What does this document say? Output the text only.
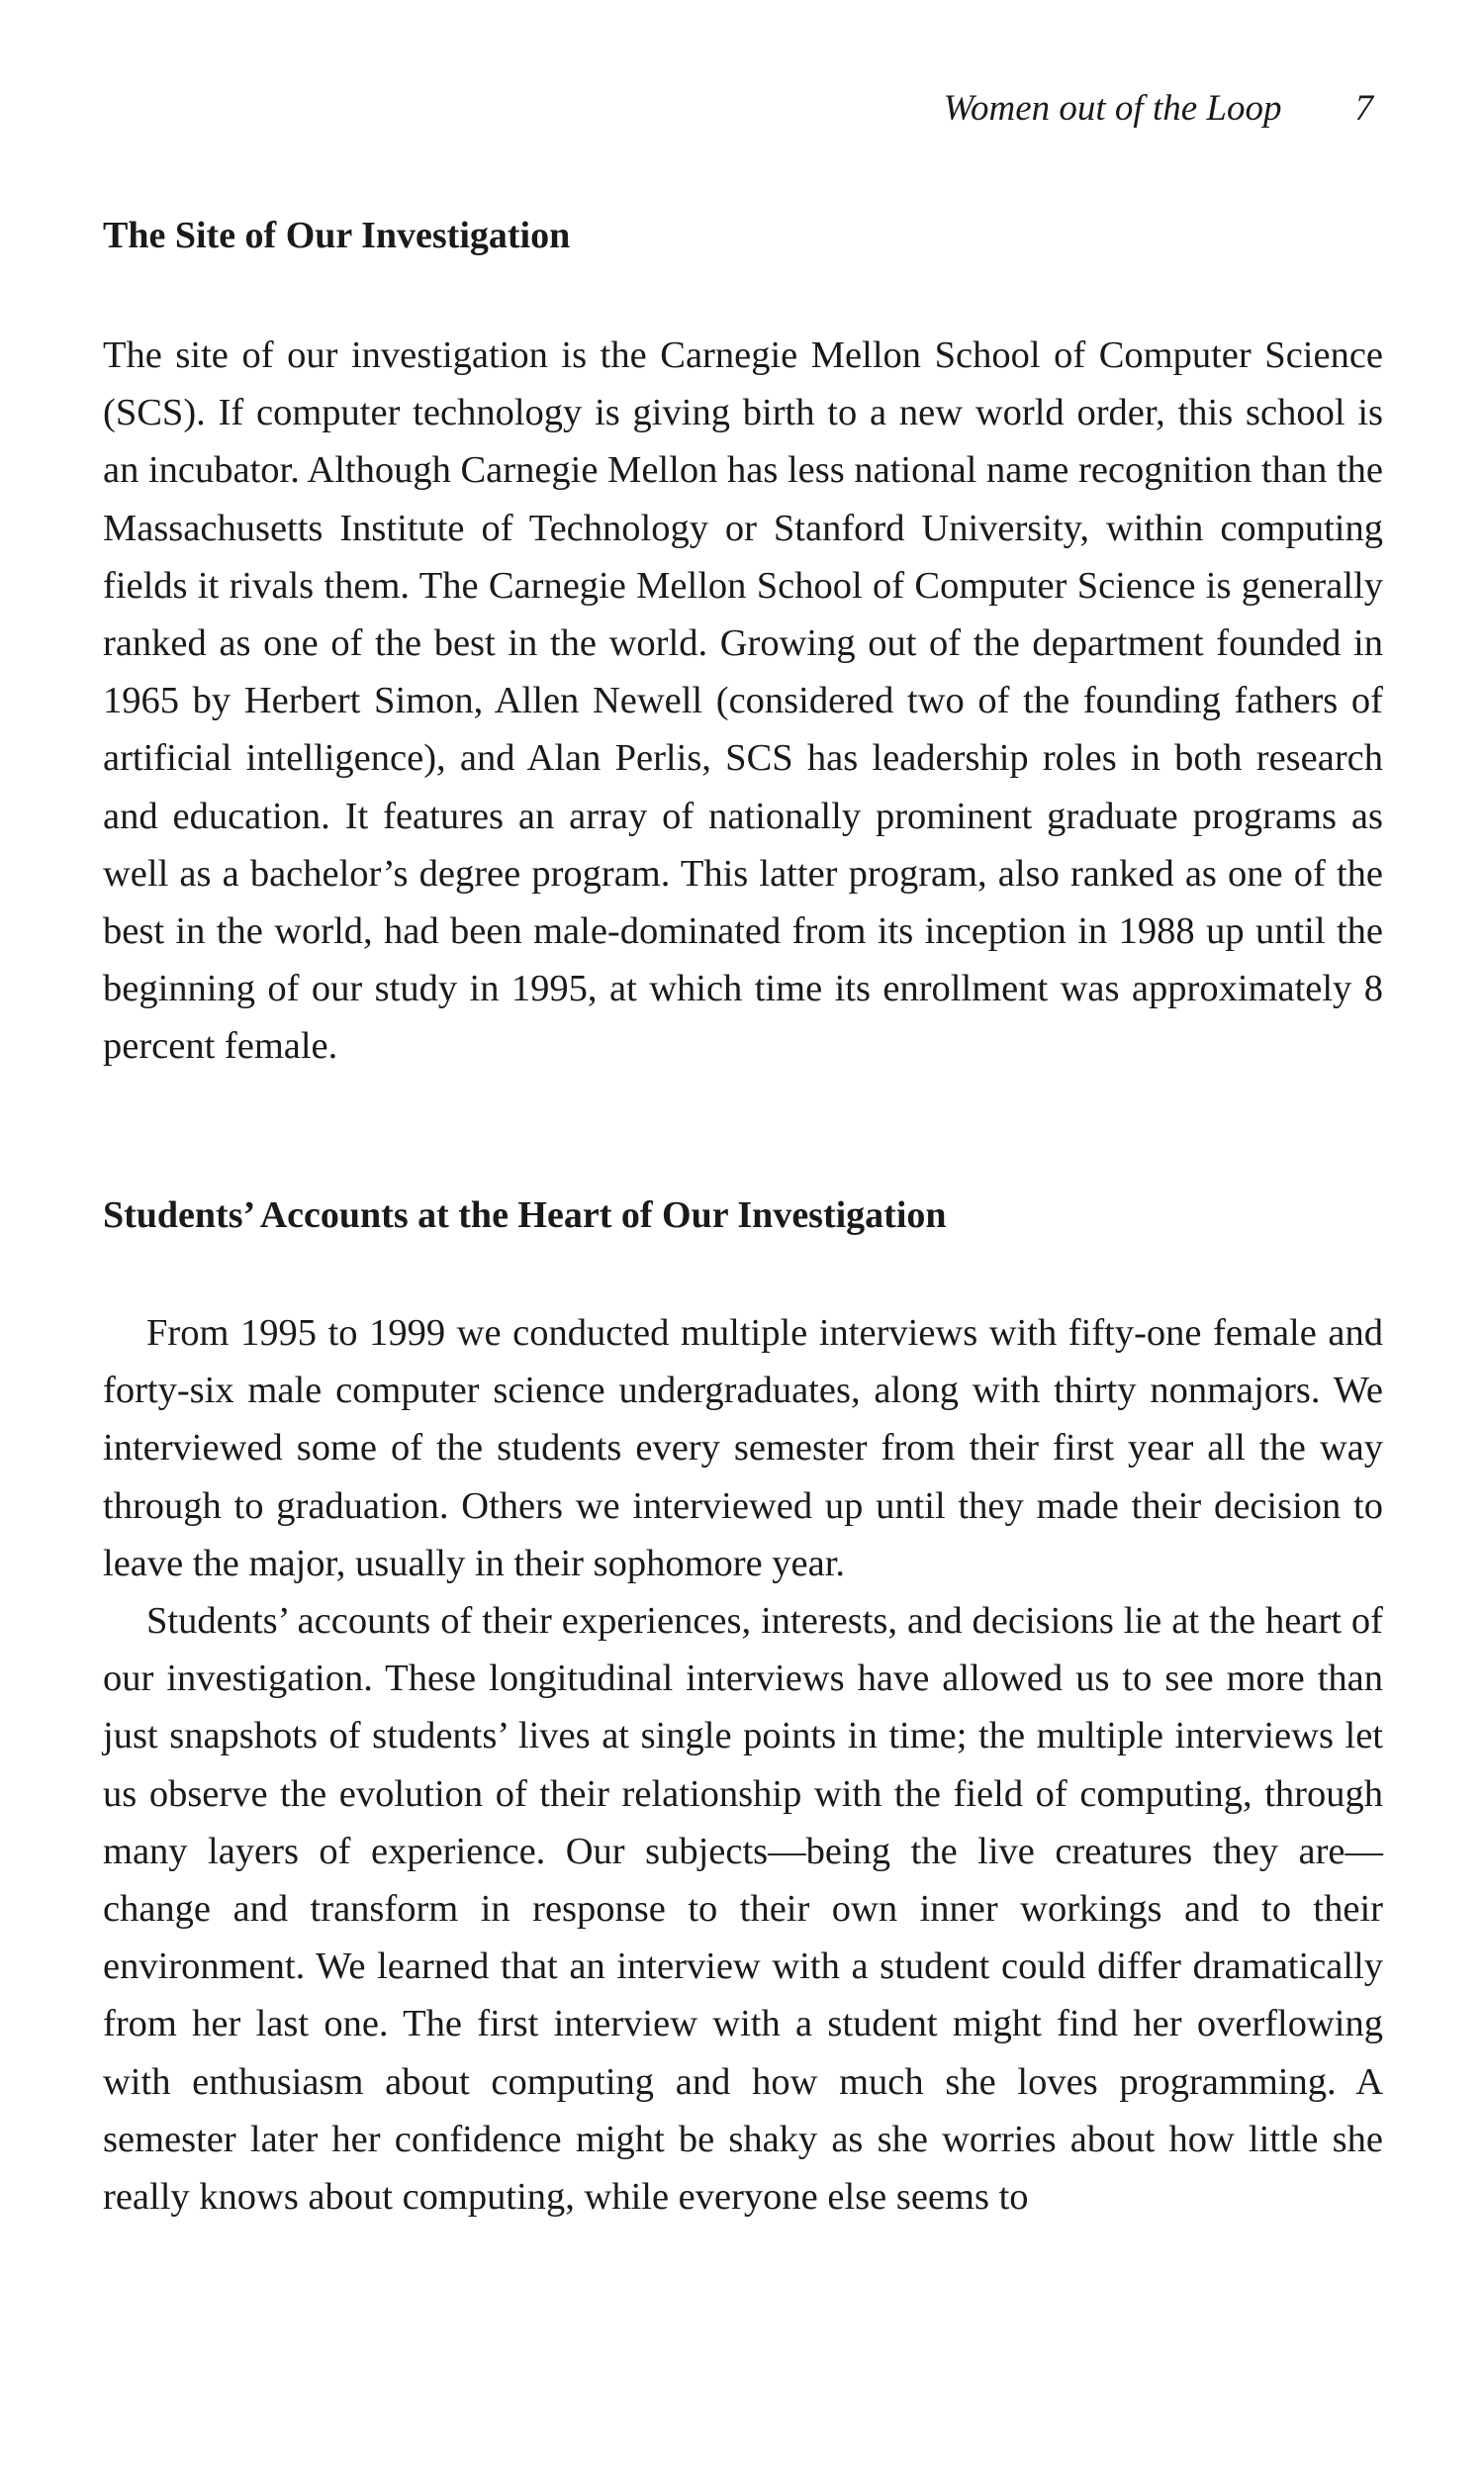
Women out of the Loop 7
The Site of Our Investigation

The site of our investigation is the Carnegie Mellon School of Computer Science (SCS). If computer technology is giving birth to a new world order, this school is an incubator. Although Carnegie Mellon has less national name recognition than the Massachusetts Institute of Technology or Stanford University, within computing fields it rivals them. The Carnegie Mellon School of Computer Science is generally ranked as one of the best in the world. Growing out of the department founded in 1965 by Herbert Simon, Allen Newell (considered two of the founding fathers of artificial intelligence), and Alan Perlis, SCS has leadership roles in both research and education. It features an array of nationally prominent graduate programs as well as a bachelor’s degree program. This latter program, also ranked as one of the best in the world, had been male-dominated from its inception in 1988 up until the beginning of our study in 1995, at which time its enrollment was approximately 8 percent female.

Students’ Accounts at the Heart of Our Investigation

From 1995 to 1999 we conducted multiple interviews with fifty-one female and forty-six male computer science undergraduates, along with thirty nonmajors. We interviewed some of the students every semester from their first year all the way through to graduation. Others we interviewed up until they made their decision to leave the major, usually in their sophomore year.

Students’ accounts of their experiences, interests, and decisions lie at the heart of our investigation. These longitudinal interviews have allowed us to see more than just snapshots of students’ lives at single points in time; the multiple interviews let us observe the evolution of their relationship with the field of computing, through many layers of experience. Our subjects—being the live creatures they are—change and transform in response to their own inner workings and to their environment. We learned that an interview with a student could differ dramatically from her last one. The first interview with a student might find her overflowing with enthusiasm about computing and how much she loves programming. A semester later her confidence might be shaky as she worries about how little she really knows about computing, while everyone else seems to
